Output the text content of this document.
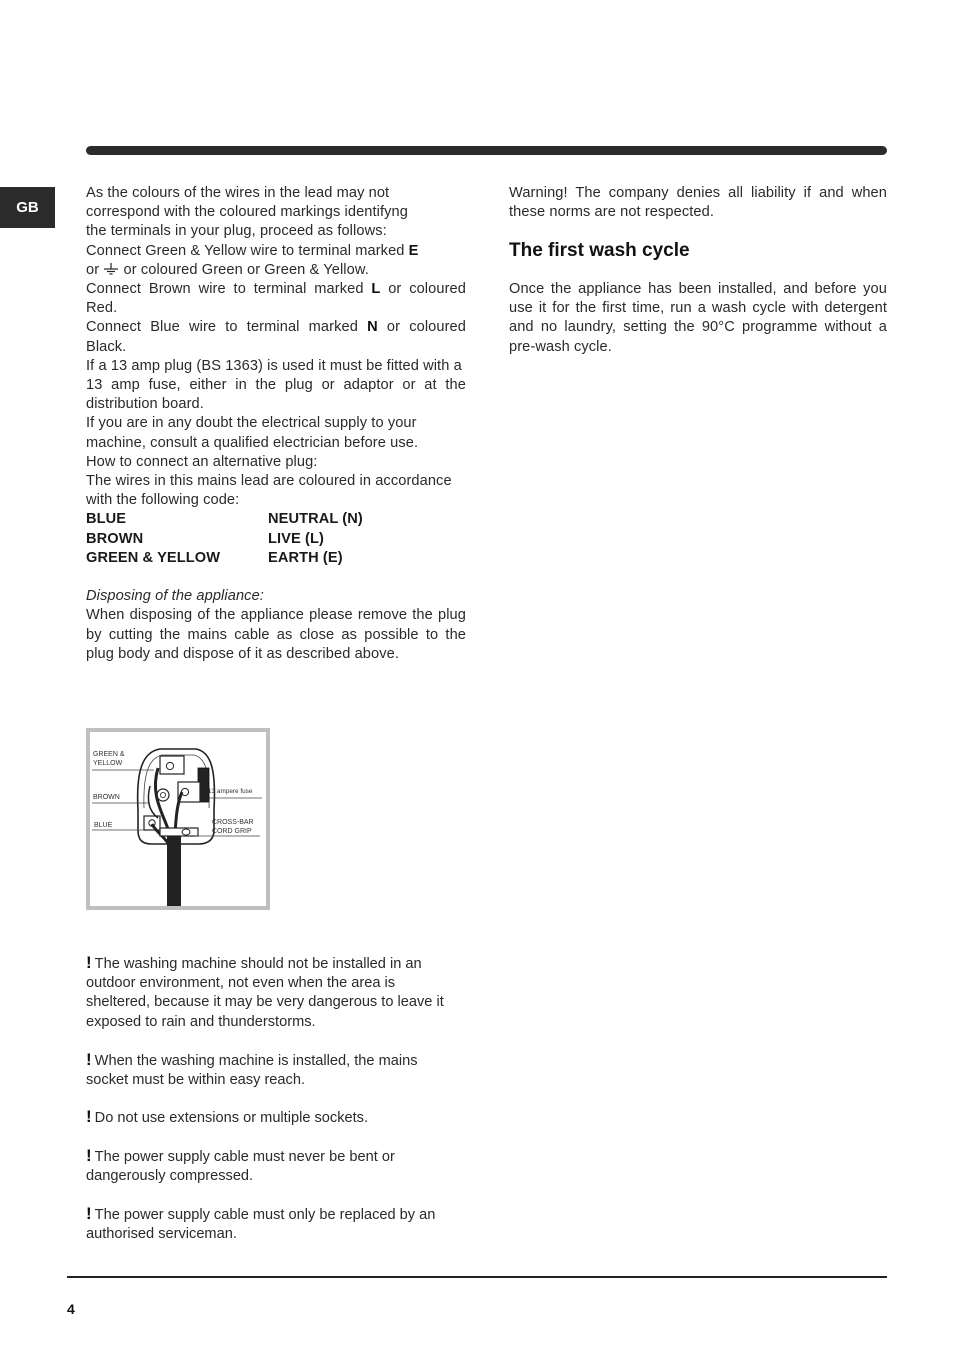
GB
As the colours of the wires in the lead may not
correspond with the coloured markings identifyng
the terminals in your plug, proceed as follows:

Connect Green & Yellow wire to terminal marked E

or  or coloured Green or Green & Yellow.

Connect Brown wire to terminal marked L or coloured Red.

Connect Blue wire to terminal marked N or coloured Black.

If a 13 amp plug (BS 1363) is used it must be fitted with a

13 amp fuse, either in the plug or adaptor or at the distribution board.

If you are in any doubt the electrical supply to your machine, consult a qualified electrician before use.

How to connect an alternative plug:

The wires in this mains lead are coloured in accordance with the following code:

BLUE	NEUTRAL (N)
BROWN	LIVE (L)
GREEN & YELLOW	EARTH (E)

Disposing of the appliance:

When disposing of the appliance please remove the plug by cutting the mains cable as close as possible to the plug body and dispose of it as described above.

GREEN &
YELLOW
BROWN
BLUE
13 ampere fuse
CROSS-BAR
CORD GRIP
! The washing machine should not be installed in an outdoor environment, not even when the area is sheltered, because it may be very dangerous to leave it exposed to rain and thunderstorms.
! When the washing machine is installed, the mains socket must be within easy reach.
! Do not use extensions or multiple sockets.
! The power supply cable must never be bent or dangerously compressed.
! The power supply cable must only be replaced by an authorised serviceman.

Warning! The company denies all liability if and when these norms are not respected.

The first wash cycle

Once the appliance has been installed, and before you use it for the first time, run a wash cycle with detergent and no laundry, setting the 90°C programme without a pre-wash cycle.

4
